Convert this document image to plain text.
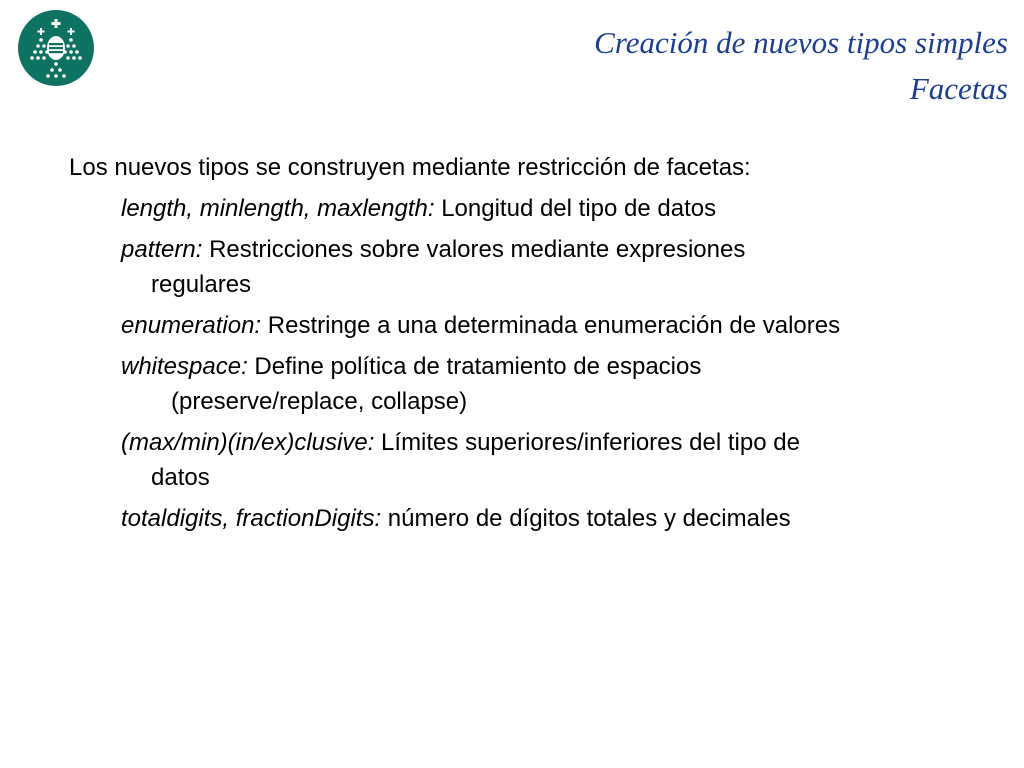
Creación de nuevos tipos simples
Facetas
Los nuevos tipos se construyen mediante restricción de facetas:
length, minlength, maxlength: Longitud del tipo de datos
pattern: Restricciones sobre valores mediante expresiones
regulares
enumeration: Restringe a una determinada enumeración de valores
whitespace: Define política de tratamiento de espacios
(preserve/replace, collapse)
(max/min)(in/ex)clusive: Límites superiores/inferiores del tipo de
datos
totaldigits, fractionDigits: número de dígitos totales y decimales
